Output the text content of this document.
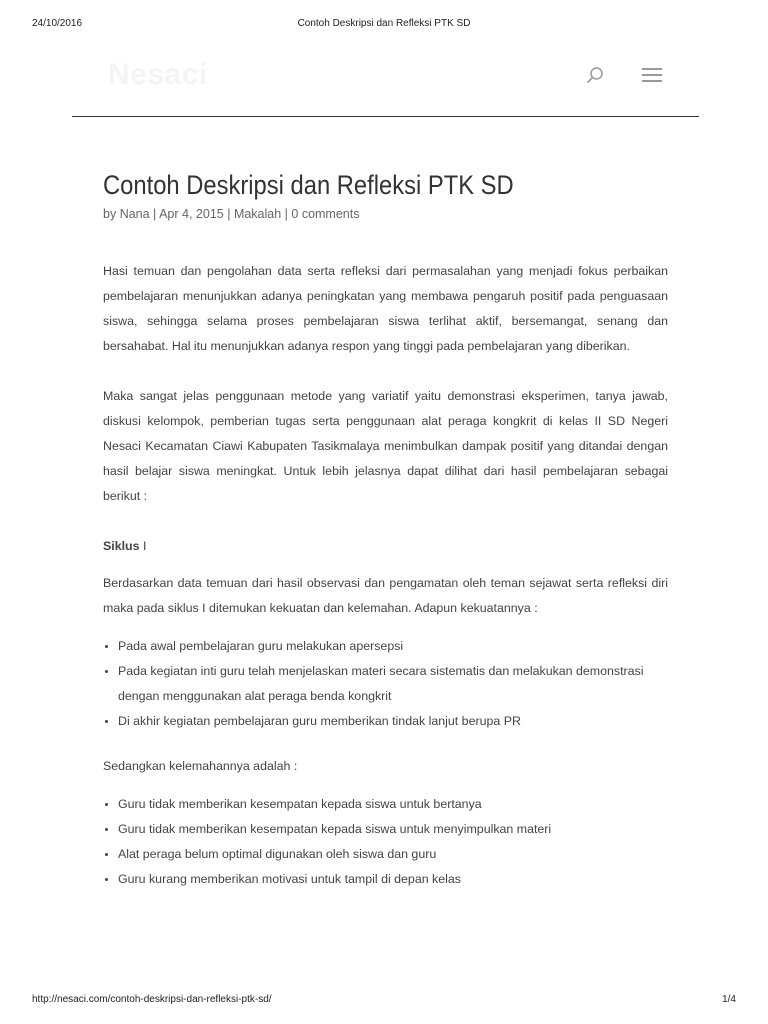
24/10/2016	Contoh Deskripsi dan Refleksi PTK SD
Nesaci
Contoh Deskripsi dan Refleksi PTK SD
by Nana | Apr 4, 2015 | Makalah | 0 comments

Hasi temuan dan pengolahan data serta refleksi dari permasalahan yang menjadi fokus perbaikan pembelajaran menunjukkan adanya peningkatan yang membawa pengaruh positif pada penguasaan siswa, sehingga selama proses pembelajaran siswa terlihat aktif, bersemangat, senang dan bersahabat. Hal itu menunjukkan adanya respon yang tinggi pada pembelajaran yang diberikan.

Maka sangat jelas penggunaan metode yang variatif yaitu demonstrasi eksperimen, tanya jawab, diskusi kelompok, pemberian tugas serta penggunaan alat peraga kongkrit di kelas II SD Negeri Nesaci Kecamatan Ciawi Kabupaten Tasikmalaya menimbulkan dampak positif yang ditandai dengan hasil belajar siswa meningkat. Untuk lebih jelasnya dapat dilihat dari hasil pembelajaran sebagai berikut :

Siklus I

Berdasarkan data temuan dari hasil observasi dan pengamatan oleh teman sejawat serta refleksi diri maka pada siklus I ditemukan kekuatan dan kelemahan. Adapun kekuatannya :

• Pada awal pembelajaran guru melakukan apersepsi
• Pada kegiatan inti guru telah menjelaskan materi secara sistematis dan melakukan demonstrasi dengan menggunakan alat peraga benda kongkrit
• Di akhir kegiatan pembelajaran guru memberikan tindak lanjut berupa PR

Sedangkan kelemahannya adalah :

• Guru tidak memberikan kesempatan kepada siswa untuk bertanya
• Guru tidak memberikan kesempatan kepada siswa untuk menyimpulkan materi
• Alat peraga belum optimal digunakan oleh siswa dan guru
• Guru kurang memberikan motivasi untuk tampil di depan kelas
http://nesaci.com/contoh-deskripsi-dan-refleksi-ptk-sd/	1/4
